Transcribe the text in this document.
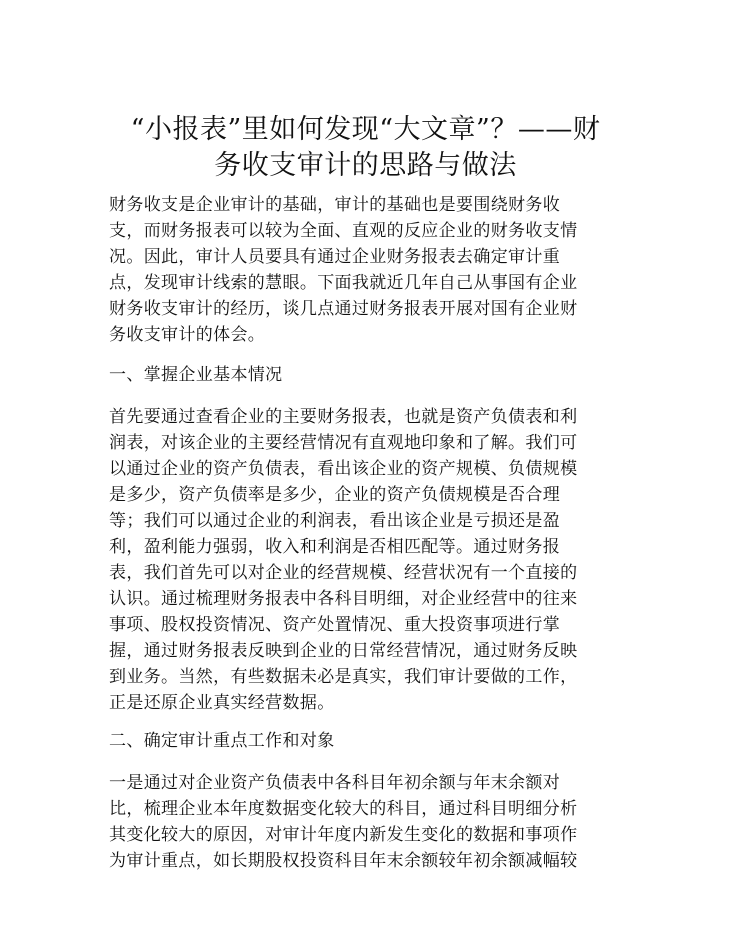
“小报表”里如何发现“大文章”？——财
务收支审计的思路与做法

财务收支是企业审计的基础，审计的基础也是要围绕财务收
支，而财务报表可以较为全面、直观的反应企业的财务收支情
况。因此，审计人员要具有通过企业财务报表去确定审计重
点，发现审计线索的慧眼。下面我就近几年自己从事国有企业
财务收支审计的经历，谈几点通过财务报表开展对国有企业财
务收支审计的体会。

一、掌握企业基本情况

首先要通过查看企业的主要财务报表，也就是资产负债表和利
润表，对该企业的主要经营情况有直观地印象和了解。我们可
以通过企业的资产负债表，看出该企业的资产规模、负债规模
是多少，资产负债率是多少，企业的资产负债规模是否合理
等；我们可以通过企业的利润表，看出该企业是亏损还是盈
利，盈利能力强弱，收入和利润是否相匹配等。通过财务报
表，我们首先可以对企业的经营规模、经营状况有一个直接的
认识。通过梳理财务报表中各科目明细，对企业经营中的往来
事项、股权投资情况、资产处置情况、重大投资事项进行掌
握，通过财务报表反映到企业的日常经营情况，通过财务反映
到业务。当然，有些数据未必是真实，我们审计要做的工作，
正是还原企业真实经营数据。

二、确定审计重点工作和对象

一是通过对企业资产负债表中各科目年初余额与年末余额对
比，梳理企业本年度数据变化较大的科目，通过科目明细分析
其变化较大的原因，对审计年度内新发生变化的数据和事项作
为审计重点，如长期股权投资科目年末余额较年初余额减幅较
